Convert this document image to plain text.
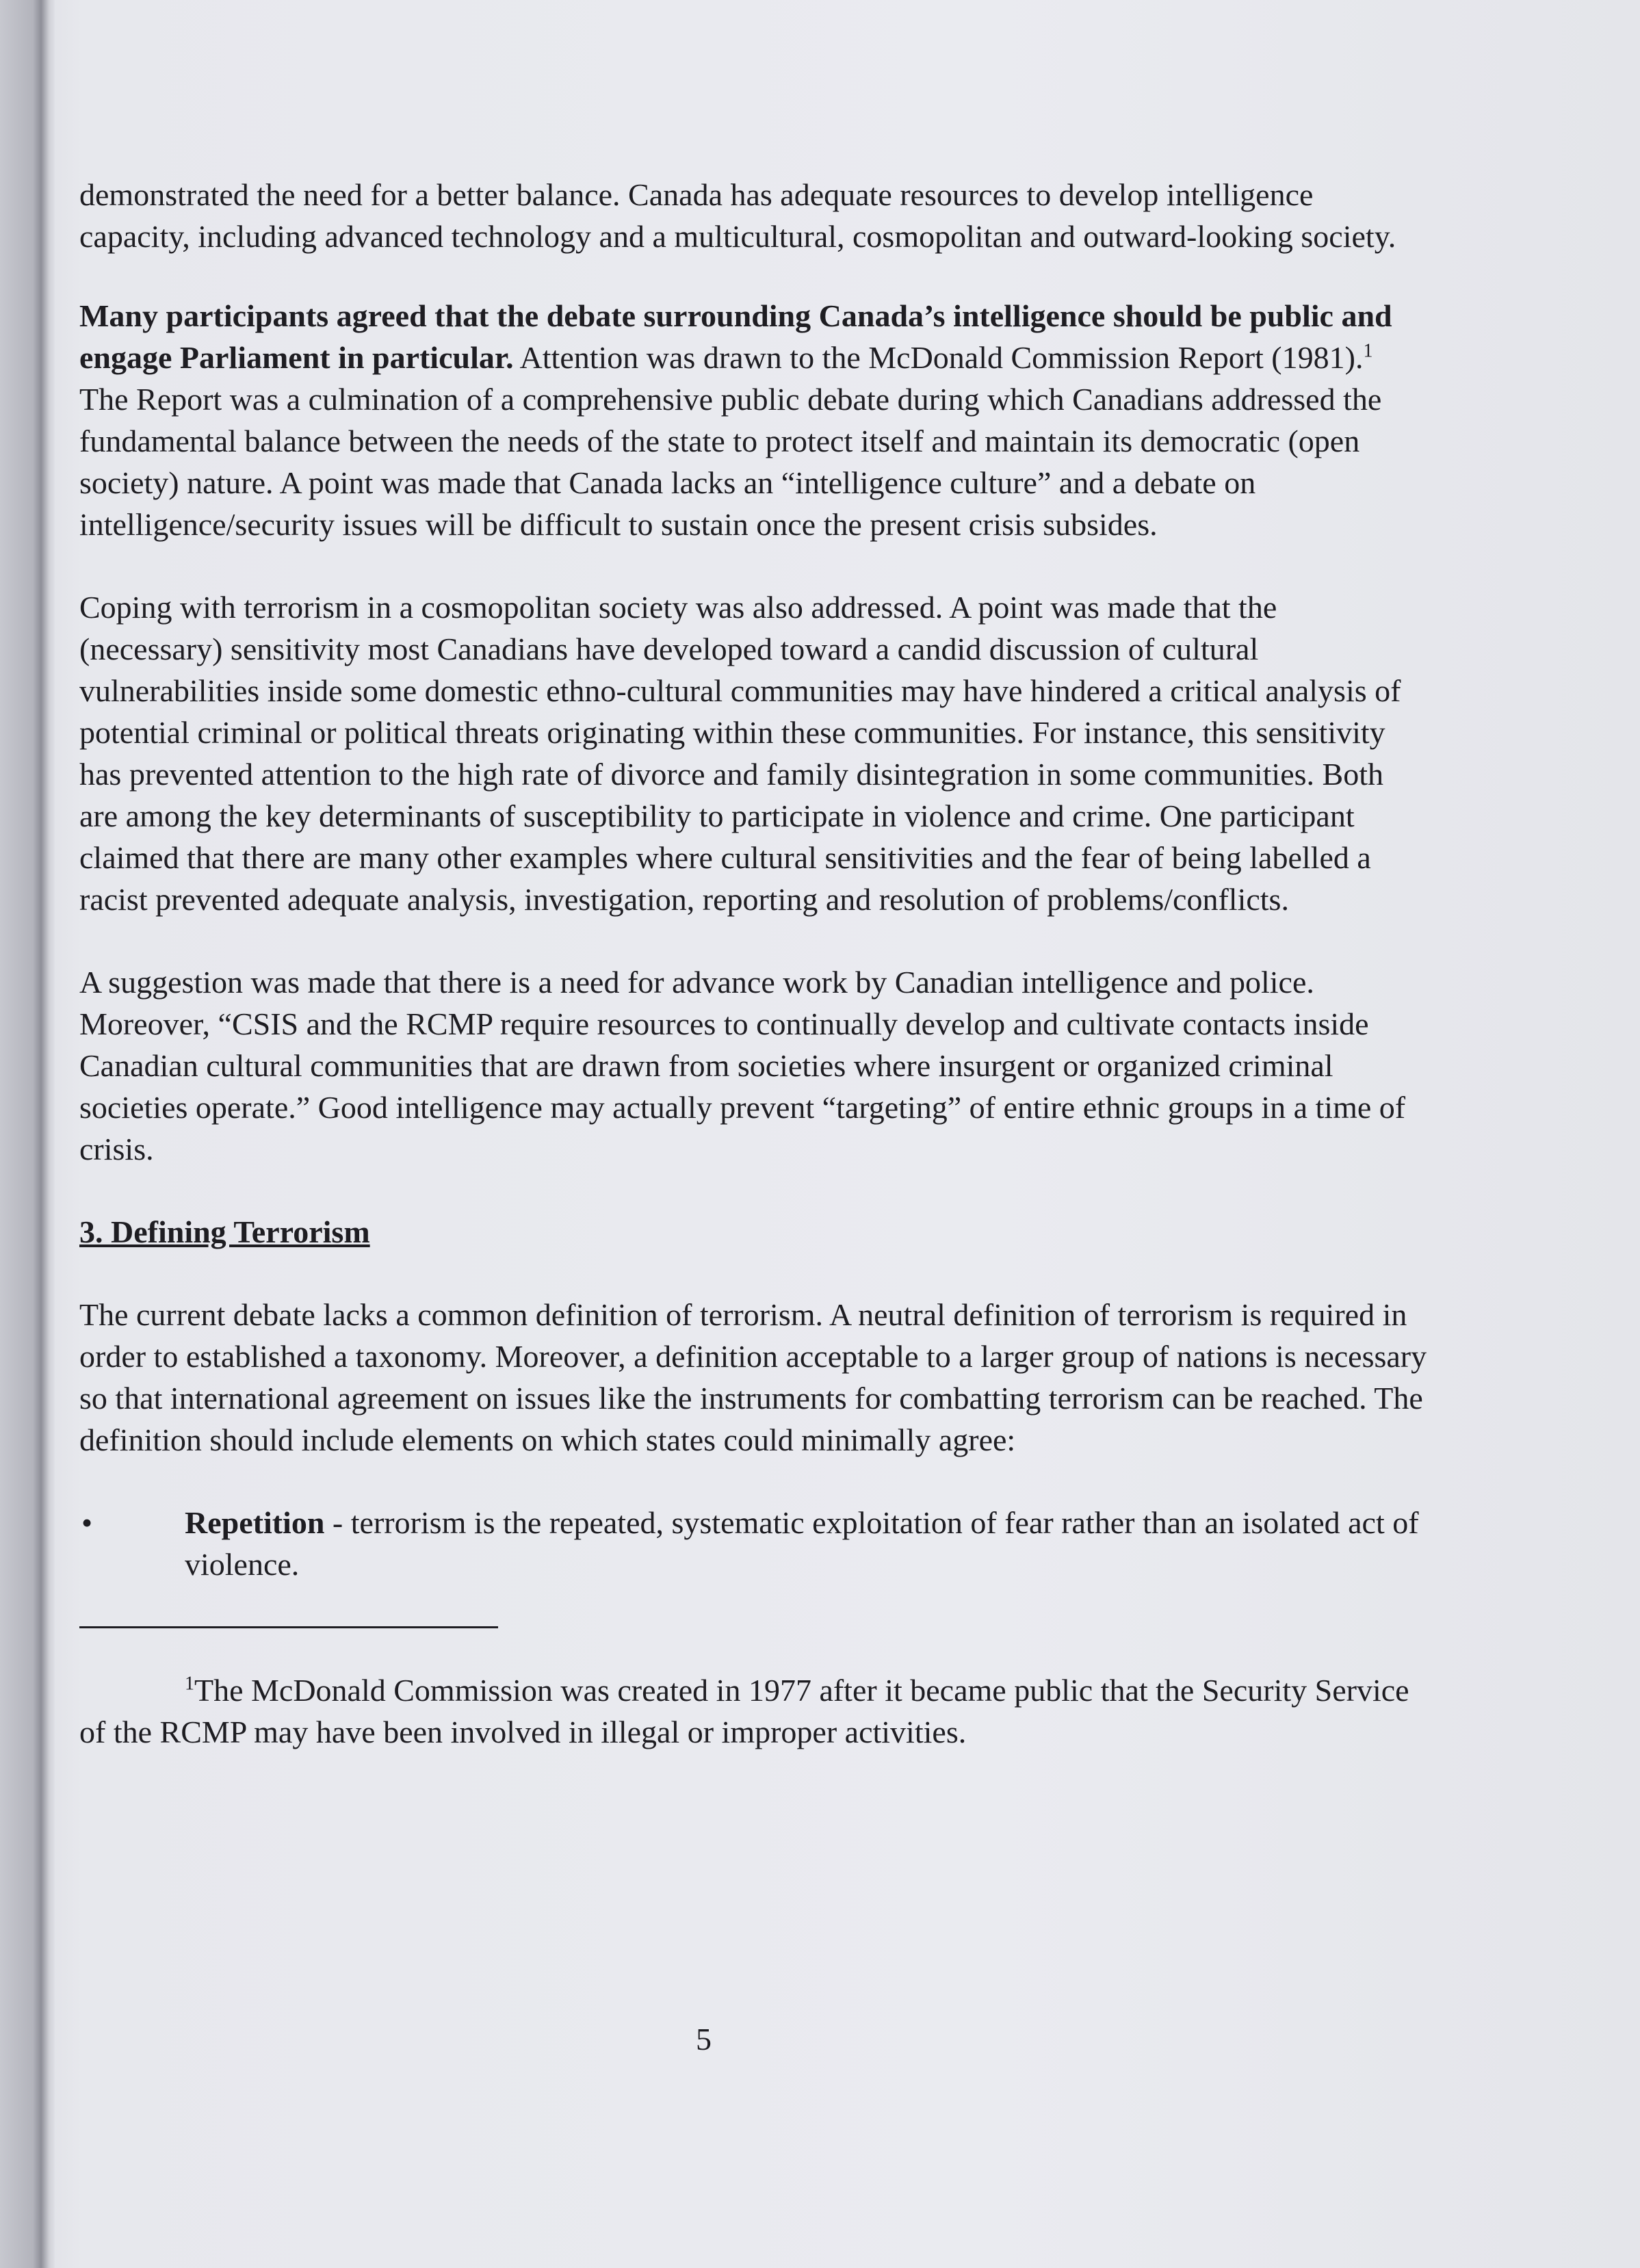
demonstrated the need for a better balance. Canada has adequate resources to develop intelligence capacity, including advanced technology and a multicultural, cosmopolitan and outward-looking society.

Many participants agreed that the debate surrounding Canada’s intelligence should be public and engage Parliament in particular. Attention was drawn to the McDonald Commission Report (1981).$^1$ The Report was a culmination of a comprehensive public debate during which Canadians addressed the fundamental balance between the needs of the state to protect itself and maintain its democratic (open society) nature. A point was made that Canada lacks an “intelligence culture” and a debate on intelligence/security issues will be difficult to sustain once the present crisis subsides.

Coping with terrorism in a cosmopolitan society was also addressed. A point was made that the (necessary) sensitivity most Canadians have developed toward a candid discussion of cultural vulnerabilities inside some domestic ethno-cultural communities may have hindered a critical analysis of potential criminal or political threats originating within these communities. For instance, this sensitivity has prevented attention to the high rate of divorce and family disintegration in some communities. Both are among the key determinants of susceptibility to participate in violence and crime. One participant claimed that there are many other examples where cultural sensitivities and the fear of being labelled a racist prevented adequate analysis, investigation, reporting and resolution of problems/conflicts.

A suggestion was made that there is a need for advance work by Canadian intelligence and police. Moreover, “CSIS and the RCMP require resources to continually develop and cultivate contacts inside Canadian cultural communities that are drawn from societies where insurgent or organized criminal societies operate.” Good intelligence may actually prevent “targeting” of entire ethnic groups in a time of crisis.

3. Defining Terrorism

The current debate lacks a common definition of terrorism. A neutral definition of terrorism is required in order to established a taxonomy. Moreover, a definition acceptable to a larger group of nations is necessary so that international agreement on issues like the instruments for combatting terrorism can be reached. The definition should include elements on which states could minimally agree:

•	Repetition - terrorism is the repeated, systematic exploitation of fear rather than an isolated act of violence.

$^1$The McDonald Commission was created in 1977 after it became public that the Security Service of the RCMP may have been involved in illegal or improper activities.

5
